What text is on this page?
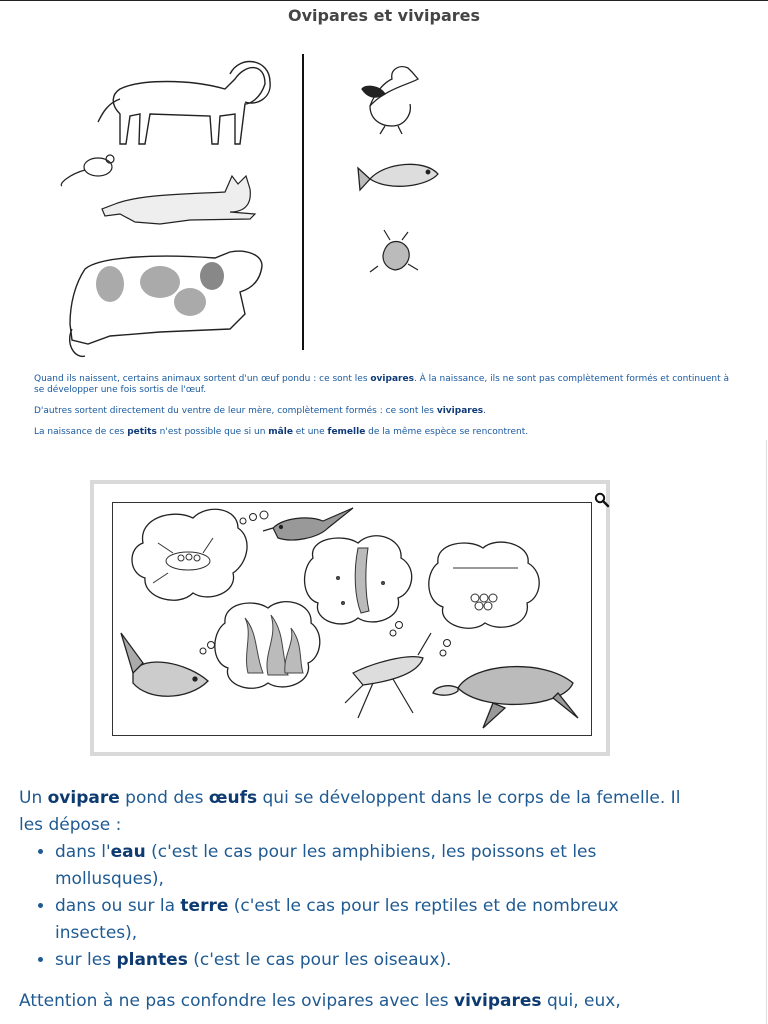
Ovipares et vivipares
Quand ils naissent, certains animaux sortent d'un œuf pondu : ce sont les ovipares. À la naissance, ils ne sont pas complètement formés et continuent à se développer une fois sortis de l'œuf.
D'autres sortent directement du ventre de leur mère, complètement formés : ce sont les vivipares.
La naissance de ces petits n'est possible que si un mâle et une femelle de la même espèce se rencontrent.

Un ovipare pond des œufs qui se développent dans le corps de la femelle. Il les dépose :

• dans l'eau (c'est le cas pour les amphibiens, les poissons et les mollusques),
• dans ou sur la terre (c'est le cas pour les reptiles et de nombreux insectes),
• sur les plantes (c'est le cas pour les oiseaux).

Attention à ne pas confondre les ovipares avec les vivipares qui, eux,
